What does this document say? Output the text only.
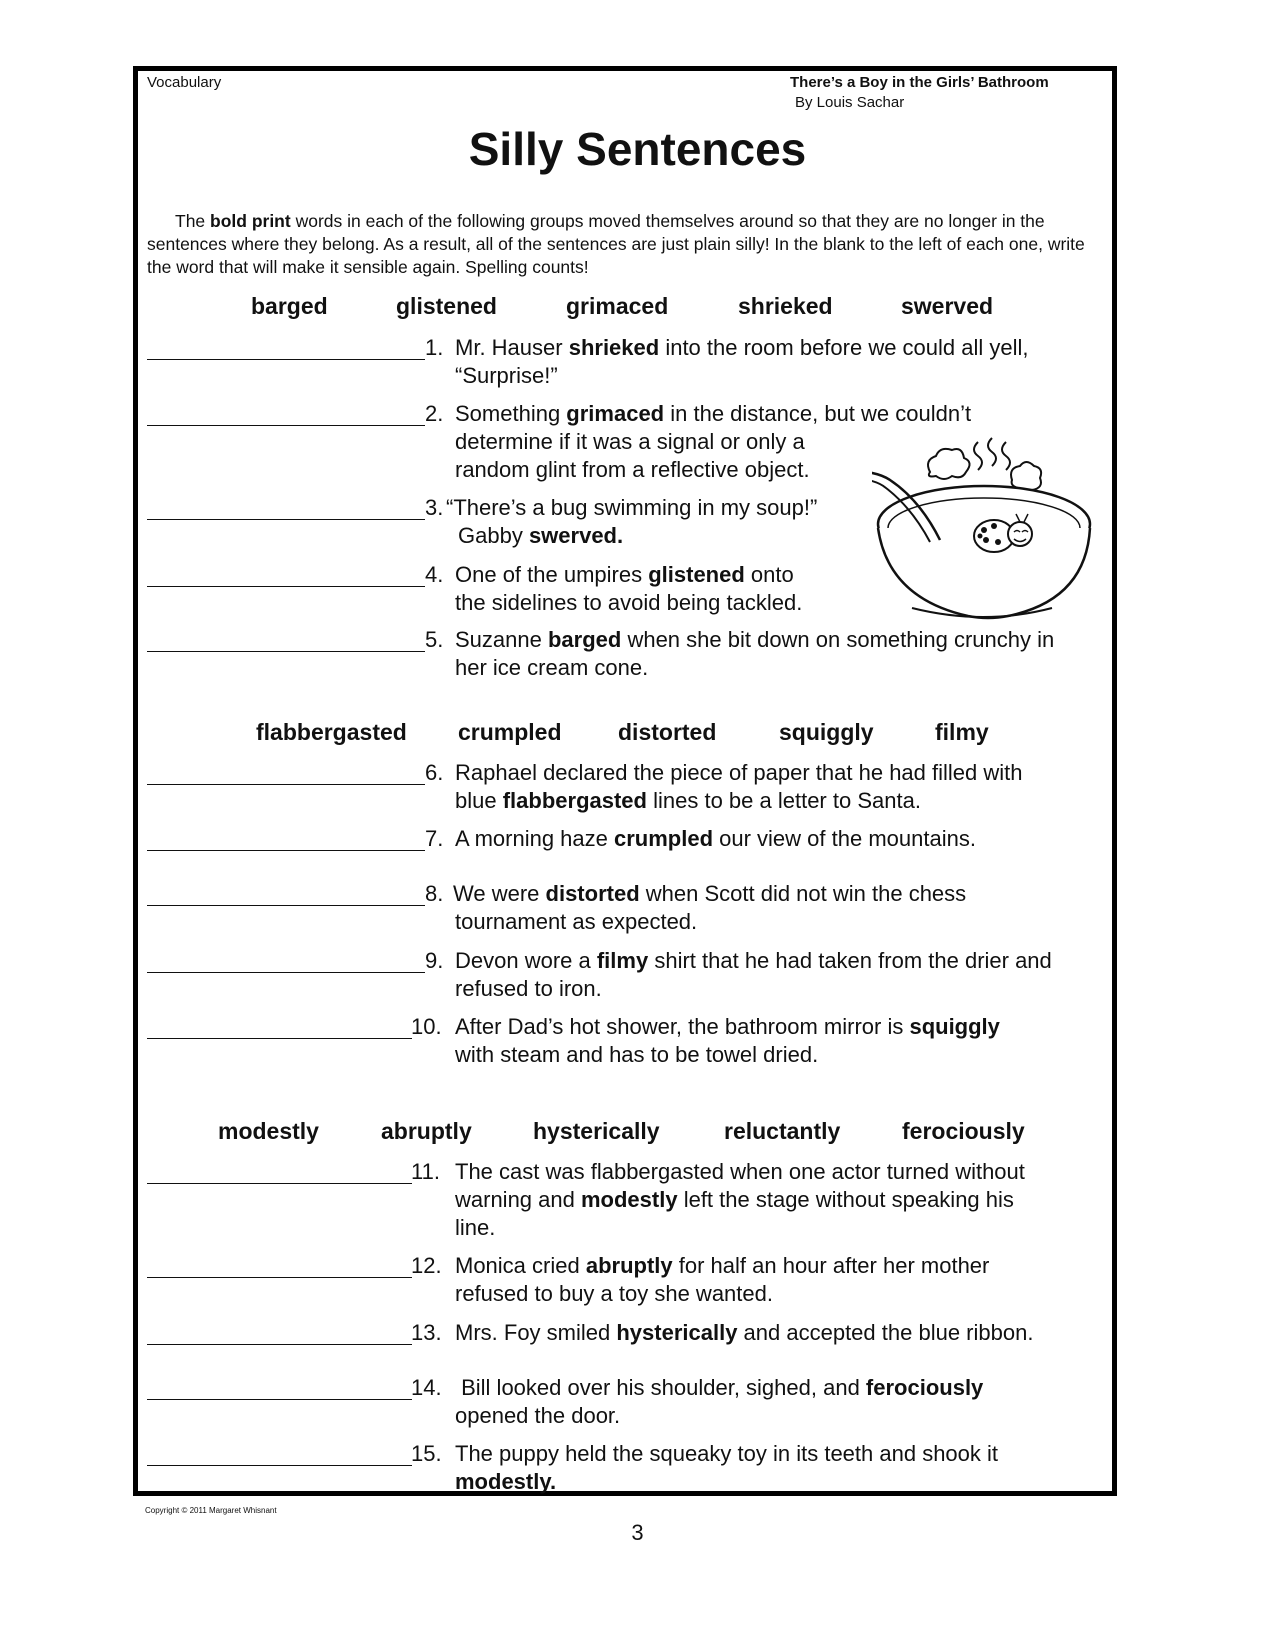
Vocabulary	There’s a Boy in the Girls’ Bathroom
By Louis Sachar
Silly Sentences
The bold print words in each of the following groups moved themselves around so that they are no longer in the sentences where they belong. As a result, all of the sentences are just plain silly! In the blank to the left of each one, write the word that will make it sensible again. Spelling counts!
barged	glistened	grimaced	shrieked	swerved
1. Mr. Hauser shrieked into the room before we could all yell,
“Surprise!”
2. Something grimaced in the distance, but we couldn’t
determine if it was a signal or only a
random glint from a reflective object.
3. “There’s a bug swimming in my soup!”
Gabby swerved.
4. One of the umpires glistened onto
the sidelines to avoid being tackled.
5. Suzanne barged when she bit down on something crunchy in
her ice cream cone.
flabbergasted crumpled distorted	squiggly	filmy
6. Raphael declared the piece of paper that he had filled with
blue flabbergasted lines to be a letter to Santa.
7. A morning haze crumpled our view of the mountains.
8. We were distorted when Scott did not win the chess
tournament as expected.
9. Devon wore a filmy shirt that he had taken from the drier and
refused to iron.
10. After Dad’s hot shower, the bathroom mirror is squiggly
with steam and has to be towel dried.
modestly	abruptly	hysterically	reluctantly	ferociously
11. The cast was flabbergasted when one actor turned without
warning and modestly left the stage without speaking his
line.
12. Monica cried abruptly for half an hour after her mother
refused to buy a toy she wanted.
13. Mrs. Foy smiled hysterically and accepted the blue ribbon.
14. Bill looked over his shoulder, sighed, and ferociously
opened the door.
15. The puppy held the squeaky toy in its teeth and shook it
modestly.
Copyright © 2011 Margaret Whisnant
3
